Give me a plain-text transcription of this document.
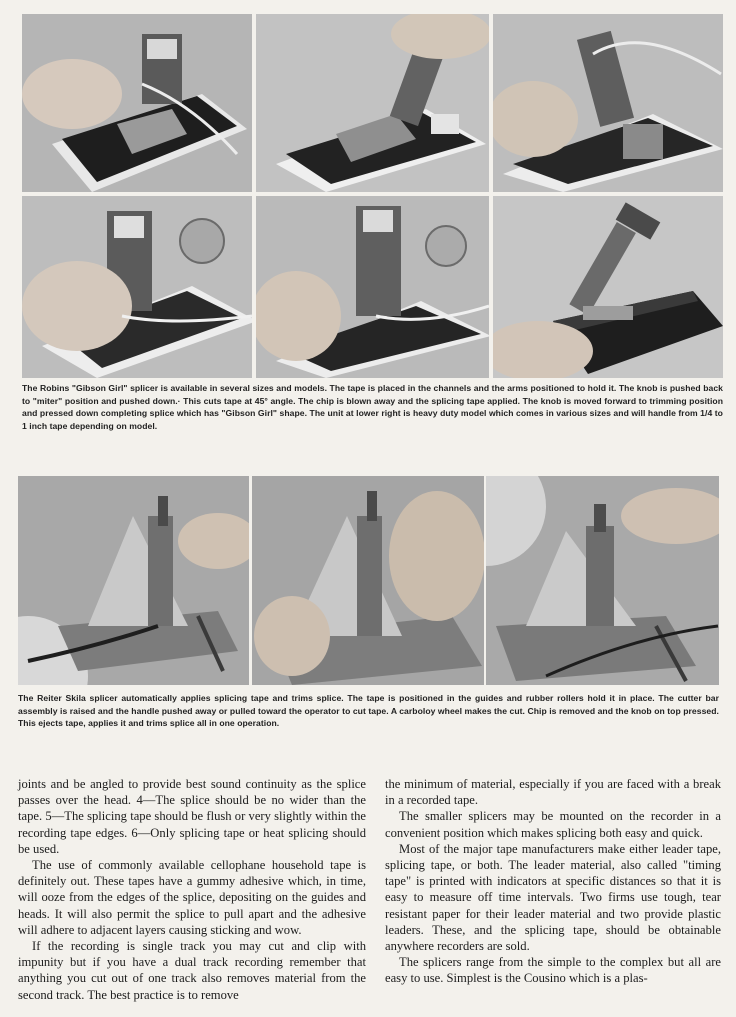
The Robins "Gibson Girl" splicer is available in several sizes and models. The tape is placed in the channels and the arms positioned to hold it. The knob is pushed back to "miter" position and pushed down.· This cuts tape at 45° angle. The chip is blown away and the splicing tape applied. The knob is moved forward to trimming position and pressed down completing splice which has "Gibson Girl" shape. The unit at lower right is heavy duty model which comes in various sizes and will handle from 1/4 to 1 inch tape depending on model.

The Reiter Skila splicer automatically applies splicing tape and trims splice. The tape is positioned in the guides and rubber rollers hold it in place. The cutter bar assembly is raised and the handle pushed away or pulled toward the operator to cut tape. A carboloy wheel makes the cut. Chip is removed and the knob on top pressed. This ejects tape, applies it and trims splice all in one operation.

joints and be angled to provide best sound continuity as the splice passes over the head. 4—The splice should be no wider than the tape. 5—The splicing tape should be flush or very slightly within the recording tape edges. 6—Only splicing tape or heat splicing should be used.

The use of commonly available cellophane household tape is definitely out. These tapes have a gummy adhesive which, in time, will ooze from the edges of the splice, depositing on the guides and heads. It will also permit the splice to pull apart and the adhesive will adhere to adjacent layers causing sticking and wow.

If the recording is single track you may cut and clip with impunity but if you have a dual track recording remember that anything you cut out of one track also removes material from the second track. The best practice is to remove

the minimum of material, especially if you are faced with a break in a recorded tape.

The smaller splicers may be mounted on the recorder in a convenient position which makes splicing both easy and quick.

Most of the major tape manufacturers make either leader tape, splicing tape, or both. The leader material, also called "timing tape" is printed with indicators at specific distances so that it is easy to measure off time intervals. Two firms use tough, tear resistant paper for their leader material and two provide plastic leaders. These, and the splicing tape, should be obtainable anywhere recorders are sold.

The splicers range from the simple to the complex but all are easy to use. Simplest is the Cousino which is a plas-
